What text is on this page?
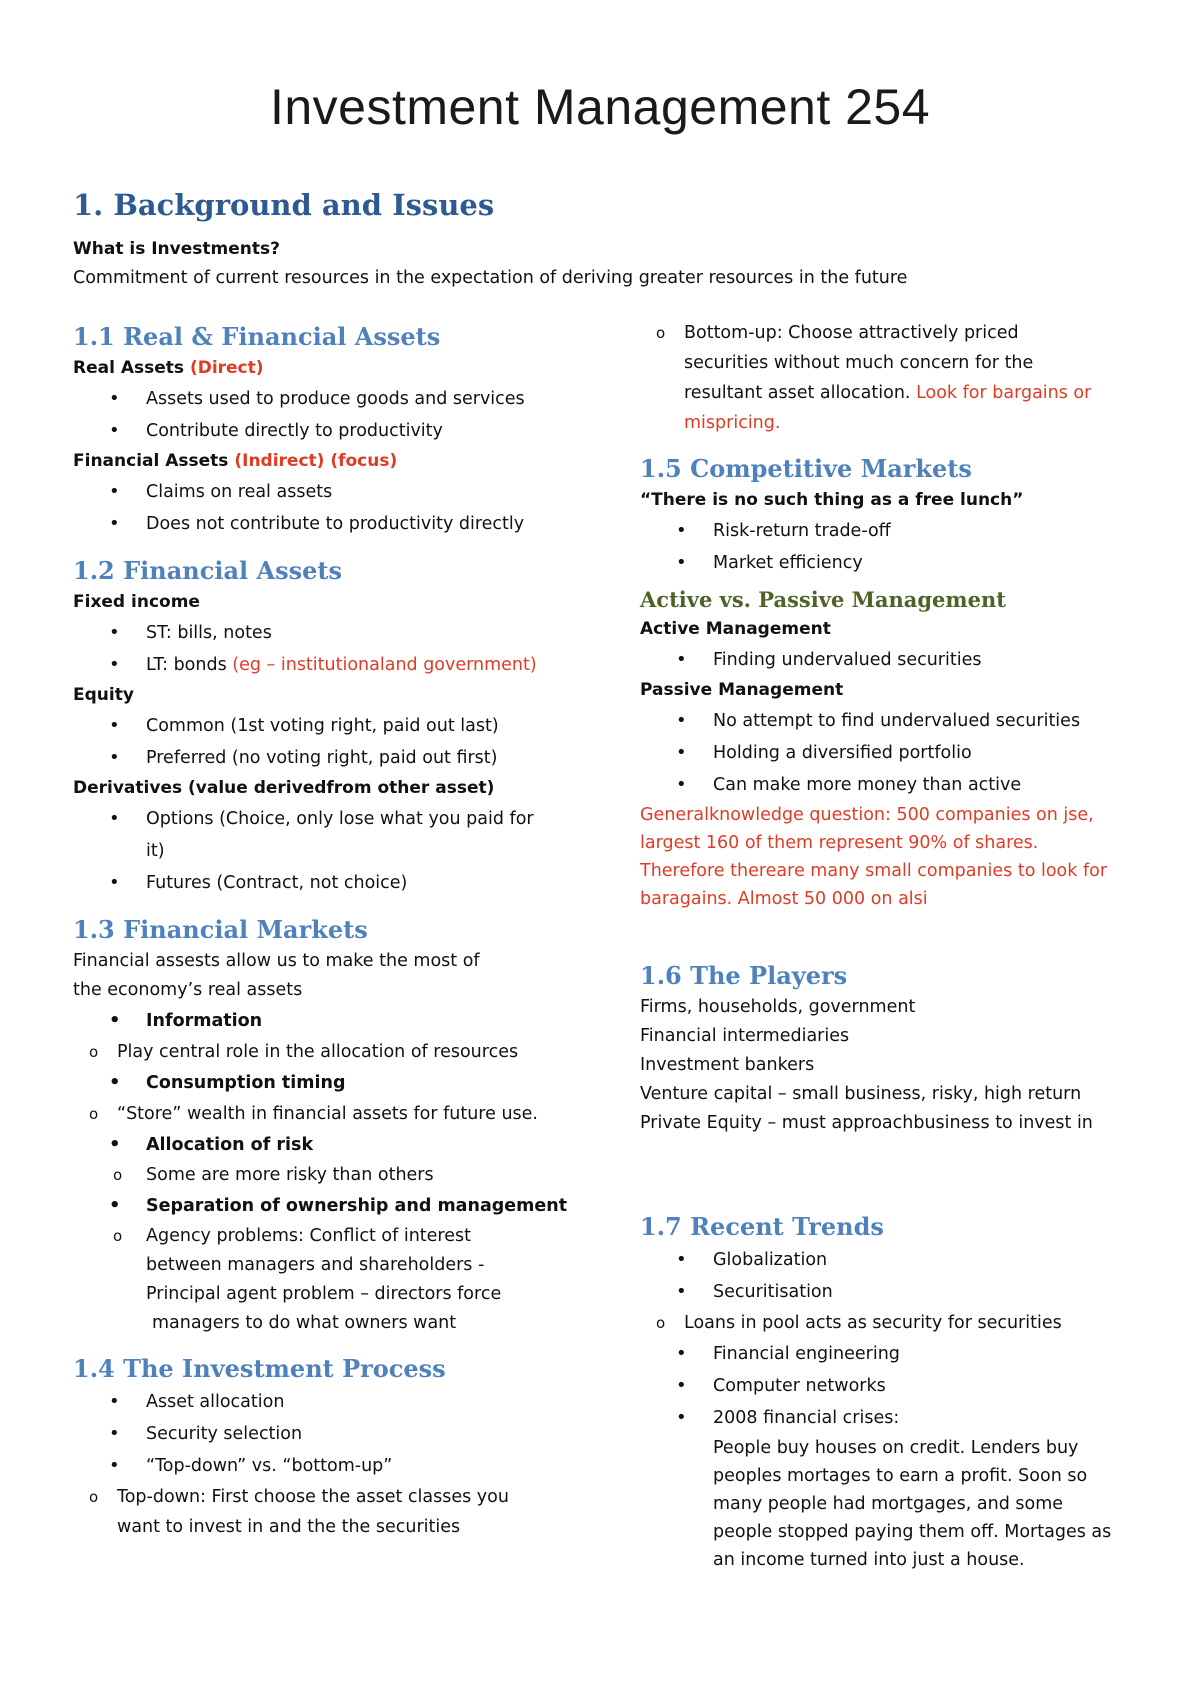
Investment Management 254
1. Background and Issues
What is Investments?
Commitment of current resources in the expectation of deriving greater resources in the future
1.1 Real & Financial Assets
Real Assets (Direct)
• Assets used to produce goods and services
• Contribute directly to productivity
Financial Assets (Indirect) (focus)
• Claims on real assets
• Does not contribute to productivity directly
1.2 Financial Assets
Fixed income
• ST: bills, notes
• LT: bonds (eg – institutionaland government)
Equity
• Common (1st voting right, paid out last)
• Preferred (no voting right, paid out first)
Derivatives (value derivedfrom other asset)
• Options (Choice, only lose what you paid for it)
• Futures (Contract, not choice)
1.3 Financial Markets
Financial assests allow us to make the most of the economy’s real assets
• Information
o Play central role in the allocation of resources
• Consumption timing
o “Store” wealth in financial assets for future use.
• Allocation of risk
o Some are more risky than others
• Separation of ownership and management
o Agency problems: Conflict of interest between managers and shareholders - Principal agent problem – directors force
managers to do what owners want
1.4 The Investment Process
• Asset allocation
• Security selection
• “Top-down” vs. “bottom-up”
o Top-down: First choose the asset classes you want to invest in and the the securities
o Bottom-up: Choose attractively priced securities without much concern for the resultant asset allocation. Look for bargains or mispricing.
1.5 Competitive Markets
“There is no such thing as a free lunch”
• Risk-return trade-off
• Market efficiency
Active vs. Passive Management
Active Management
• Finding undervalued securities
Passive Management
• No attempt to find undervalued securities
• Holding a diversified portfolio
• Can make more money than active
Generalknowledge question: 500 companies on jse, largest 160 of them represent 90% of shares. Therefore thereare many small companies to look for baragains. Almost 50 000 on alsi
1.6 The Players
Firms, households, government
Financial intermediaries
Investment bankers
Venture capital – small business, risky, high return
Private Equity – must approachbusiness to invest in
1.7 Recent Trends
• Globalization
• Securitisation
o Loans in pool acts as security for securities
• Financial engineering
• Computer networks
• 2008 financial crises:
People buy houses on credit. Lenders buy peoples mortages to earn a profit. Soon so many people had mortgages, and some people stopped paying them off. Mortages as an income turned into just a house.
